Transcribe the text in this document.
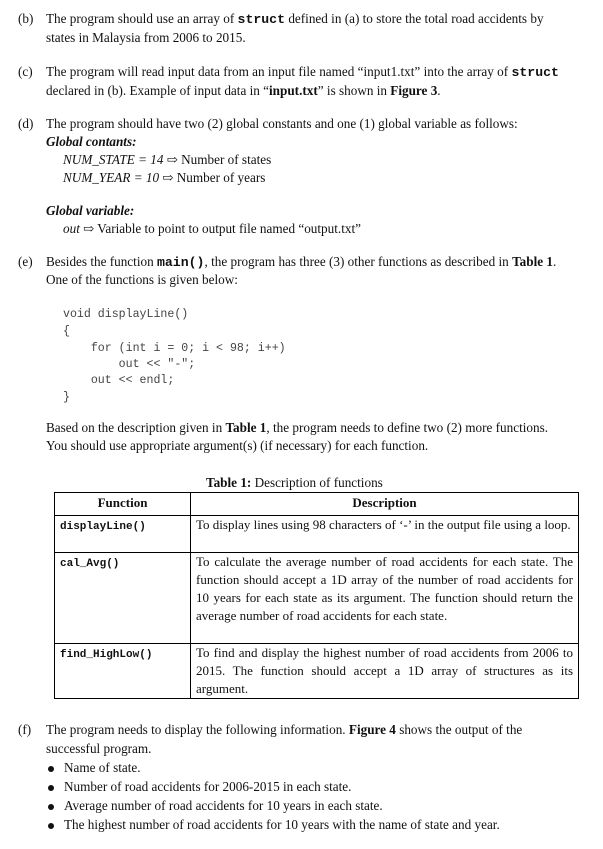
(b) The program should use an array of struct defined in (a) to store the total road accidents by
states in Malaysia from 2006 to 2015.
(c) The program will read input data from an input file named “input1.txt” into the array of struct
declared in (b). Example of input data in “input.txt” is shown in Figure 3.
(d) The program should have two (2) global constants and one (1) global variable as follows:
Global contants:
NUM_STATE = 14 ⇨ Number of states
NUM_YEAR = 10 ⇨ Number of years
Global variable:
out ⇨ Variable to point to output file named “output.txt”
(e) Besides the function main(), the program has three (3) other functions as described in Table 1.
One of the functions is given below:
void displayLine()
{
for (int i = 0; i < 98; i++)
out << "-";
out << endl;
}
Based on the description given in Table 1, the program needs to define two (2) more functions.
You should use appropriate argument(s) (if necessary) for each function.
Table 1: Description of functions
Function	Description
displayLine()	To display lines using 98 characters of ‘-’ in the output file using a loop.
cal_Avg()	To calculate the average number of road accidents for each state. The function should accept a 1D array of the number of road accidents for 10 years for each state as its argument. The function should return the average number of road accidents for each state.
find_HighLow()	To find and display the highest number of road accidents from 2006 to 2015. The function should accept a 1D array of structures as its argument.
(f) The program needs to display the following information. Figure 4 shows the output of the
successful program.
Name of state.
Number of road accidents for 2006-2015 in each state.
Average number of road accidents for 10 years in each state.
The highest number of road accidents for 10 years with the name of state and year.
